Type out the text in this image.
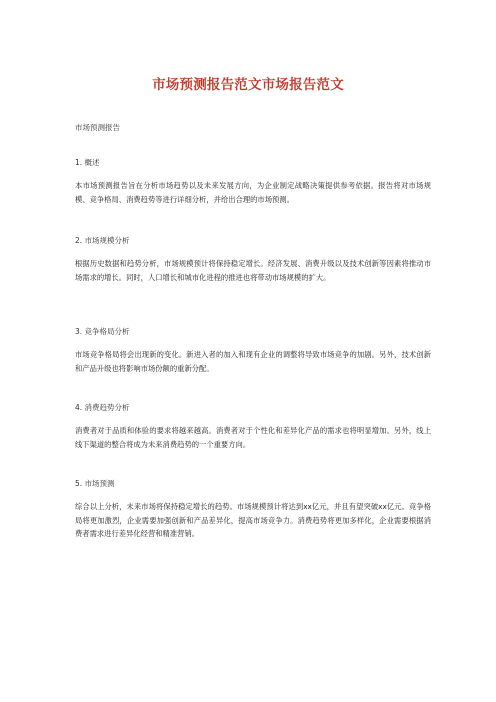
市场预测报告范文市场报告范文
市场预测报告
1. 概述

本市场预测报告旨在分析市场趋势以及未来发展方向，为企业制定战略决策提供参考依据。报告将对市场规模、竞争格局、消费趋势等进行详细分析，并给出合理的市场预测。

2. 市场规模分析

根据历史数据和趋势分析，市场规模预计将保持稳定增长。经济发展、消费升级以及技术创新等因素将推动市场需求的增长。同时，人口增长和城市化进程的推进也将带动市场规模的扩大。

3. 竞争格局分析

市场竞争格局将会出现新的变化。新进入者的加入和现有企业的调整将导致市场竞争的加剧。另外，技术创新和产品升级也将影响市场份额的重新分配。

4. 消费趋势分析

消费者对于品质和体验的要求将越来越高。消费者对于个性化和差异化产品的需求也将明显增加。另外，线上线下渠道的整合将成为未来消费趋势的一个重要方向。

5. 市场预测

综合以上分析，未来市场将保持稳定增长的趋势。市场规模预计将达到xx亿元，并且有望突破xx亿元。竞争格局将更加激烈，企业需要加强创新和产品差异化，提高市场竞争力。消费趋势将更加多样化，企业需要根据消费者需求进行差异化经营和精准营销。
